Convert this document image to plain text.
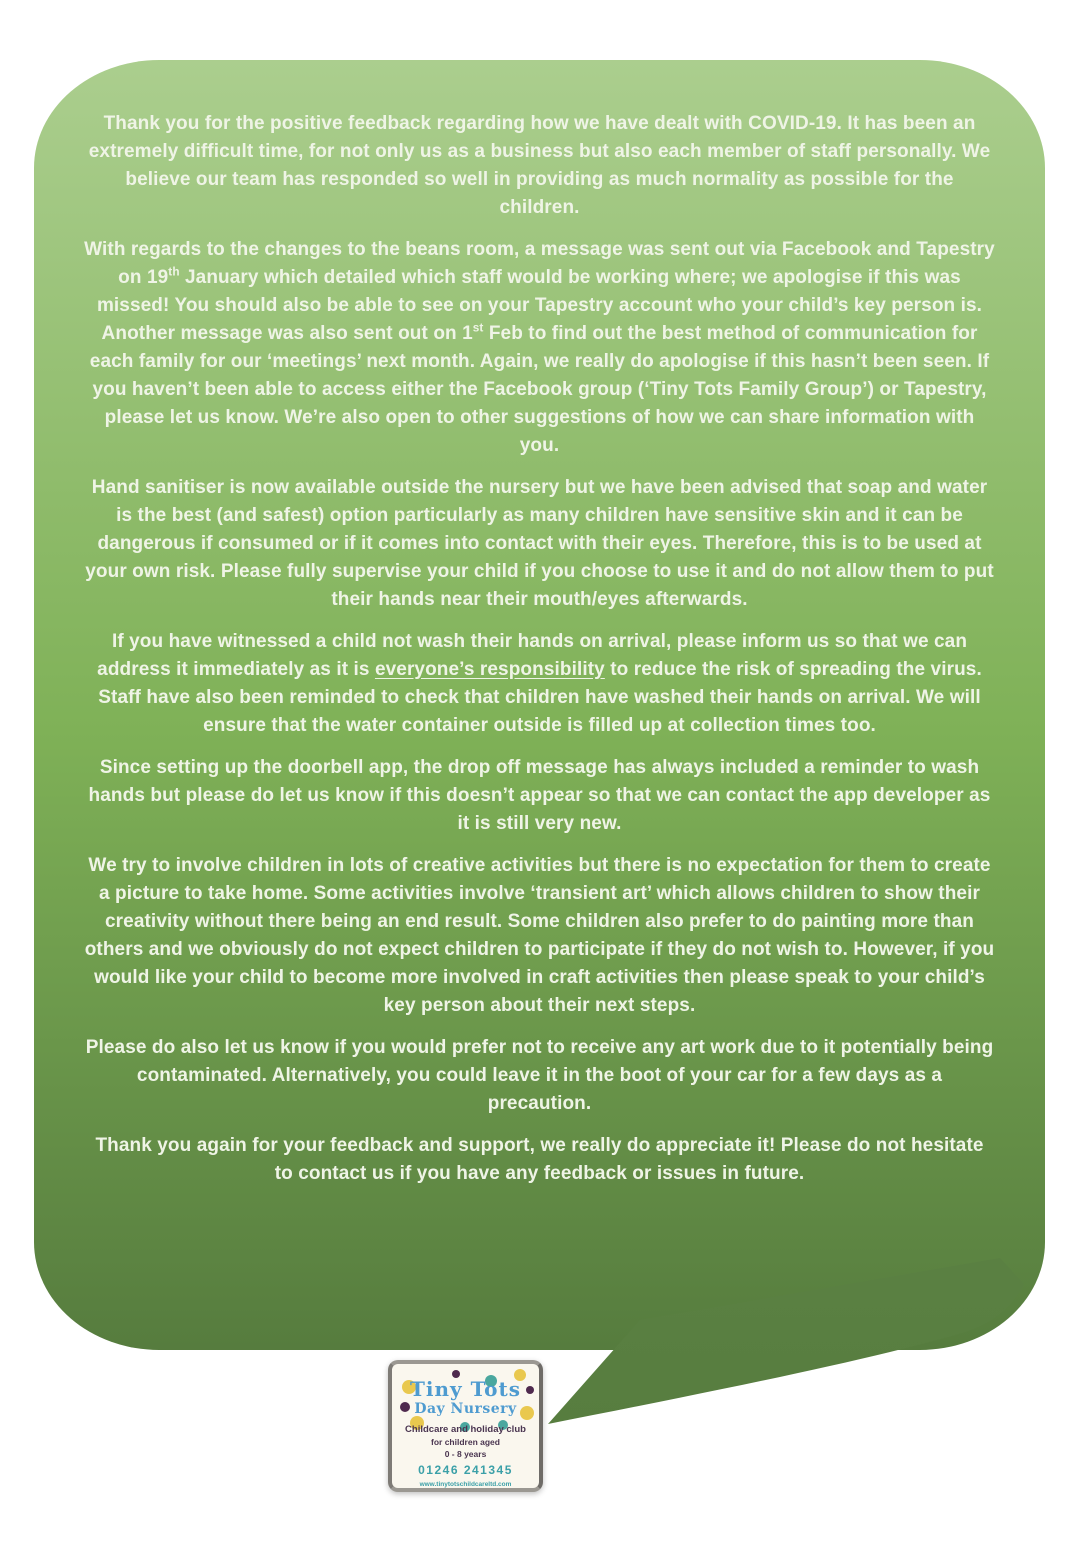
Thank you for the positive feedback regarding how we have dealt with COVID-19. It has been an extremely difficult time, for not only us as a business but also each member of staff personally. We believe our team has responded so well in providing as much normality as possible for the children.

With regards to the changes to the beans room, a message was sent out via Facebook and Tapestry on 19th January which detailed which staff would be working where; we apologise if this was missed! You should also be able to see on your Tapestry account who your child’s key person is. Another message was also sent out on 1st Feb to find out the best method of communication for each family for our ‘meetings’ next month. Again, we really do apologise if this hasn’t been seen. If you haven’t been able to access either the Facebook group (‘Tiny Tots Family Group’) or Tapestry, please let us know. We’re also open to other suggestions of how we can share information with you.

Hand sanitiser is now available outside the nursery but we have been advised that soap and water is the best (and safest) option particularly as many children have sensitive skin and it can be dangerous if consumed or if it comes into contact with their eyes. Therefore, this is to be used at your own risk. Please fully supervise your child if you choose to use it and do not allow them to put their hands near their mouth/eyes afterwards.

If you have witnessed a child not wash their hands on arrival, please inform us so that we can address it immediately as it is everyone’s responsibility to reduce the risk of spreading the virus. Staff have also been reminded to check that children have washed their hands on arrival. We will ensure that the water container outside is filled up at collection times too.

Since setting up the doorbell app, the drop off message has always included a reminder to wash hands but please do let us know if this doesn’t appear so that we can contact the app developer as it is still very new.

We try to involve children in lots of creative activities but there is no expectation for them to create a picture to take home. Some activities involve ‘transient art’ which allows children to show their creativity without there being an end result. Some children also prefer to do painting more than others and we obviously do not expect children to participate if they do not wish to. However, if you would like your child to become more involved in craft activities then please speak to your child’s key person about their next steps.

Please do also let us know if you would prefer not to receive any art work due to it potentially being contaminated. Alternatively, you could leave it in the boot of your car for a few days as a precaution.

Thank you again for your feedback and support, we really do appreciate it! Please do not hesitate to contact us if you have any feedback or issues in future.

Tiny Tots
Day Nursery
Childcare and holiday club
for children aged
0 - 8 years
01246 241345
www.tinytotschildcareltd.com
